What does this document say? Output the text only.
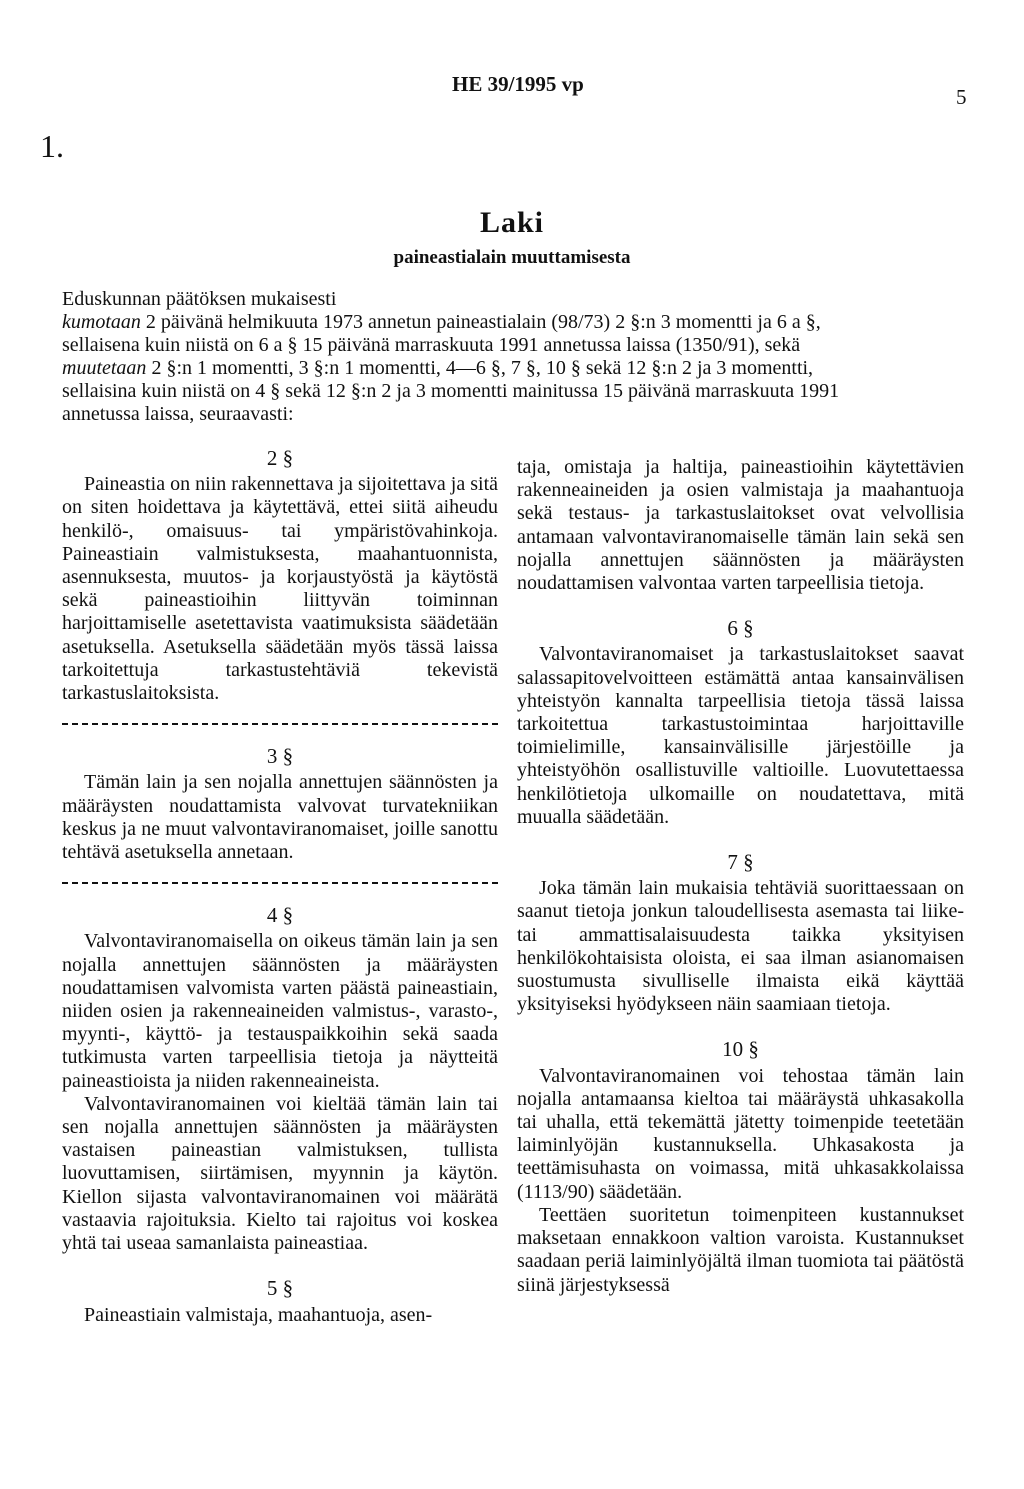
1.
HE 39/1995 vp
5
Laki
paineastialain muuttamisesta
Eduskunnan päätöksen mukaisesti
kumotaan 2 päivänä helmikuuta 1973 annetun paineastialain (98/73) 2 §:n 3 momentti ja 6 a §,
sellaisena kuin niistä on 6 a § 15 päivänä marraskuuta 1991 annetussa laissa (1350/91), sekä
muutetaan 2 §:n 1 momentti, 3 §:n 1 momentti, 4—6 §, 7 §, 10 § sekä 12 §:n 2 ja 3 momentti,
sellaisina kuin niistä on 4 § sekä 12 §:n 2 ja 3 momentti mainitussa 15 päivänä marraskuuta 1991
annetussa laissa, seuraavasti:
2 §

Paineastia on niin rakennettava ja sijoitettava ja sitä on siten hoidettava ja käytettävä, ettei siitä aiheudu henkilö-, omaisuus- tai ympäristövahinkoja. Paineastiain valmistuksesta, maahantuonnista, asennuksesta, muutos- ja korjaustyöstä ja käytöstä sekä paineastioihin liittyvän toiminnan harjoittamiselle asetettavista vaatimuksista säädetään asetuksella. Asetuksella säädetään myös tässä laissa tarkoitettuja tarkastustehtäviä tekevistä tarkastuslaitoksista.

3 §

Tämän lain ja sen nojalla annettujen säännösten ja määräysten noudattamista valvovat turvatekniikan keskus ja ne muut valvontaviranomaiset, joille sanottu tehtävä asetuksella annetaan.

4 §

Valvontaviranomaisella on oikeus tämän lain ja sen nojalla annettujen säännösten ja määräysten noudattamisen valvomista varten päästä paineastiain, niiden osien ja rakenneaineiden valmistus-, varasto-, myynti-, käyttö- ja testauspaikkoihin sekä saada tutkimusta varten tarpeellisia tietoja ja näytteitä paineastioista ja niiden rakenneaineista.

Valvontaviranomainen voi kieltää tämän lain tai sen nojalla annettujen säännösten ja määräysten vastaisen paineastian valmistuksen, tullista luovuttamisen, siirtämisen, myynnin ja käytön. Kiellon sijasta valvontaviranomainen voi määrätä vastaavia rajoituksia. Kielto tai rajoitus voi koskea yhtä tai useaa samanlaista paineastiaa.

5 §

Paineastiain valmistaja, maahantuoja, asen-

taja, omistaja ja haltija, paineastioihin käytettävien rakenneaineiden ja osien valmistaja ja maahantuoja sekä testaus- ja tarkastuslaitokset ovat velvollisia antamaan valvontaviranomaiselle tämän lain sekä sen nojalla annettujen säännösten ja määräysten noudattamisen valvontaa varten tarpeellisia tietoja.

6 §

Valvontaviranomaiset ja tarkastuslaitokset saavat salassapitovelvoitteen estämättä antaa kansainvälisen yhteistyön kannalta tarpeellisia tietoja tässä laissa tarkoitettua tarkastustoimintaa harjoittaville toimielimille, kansainvälisille järjestöille ja yhteistyöhön osallistuville valtioille. Luovutettaessa henkilötietoja ulkomaille on noudatettava, mitä muualla säädetään.

7 §

Joka tämän lain mukaisia tehtäviä suorittaessaan on saanut tietoja jonkun taloudellisesta asemasta tai liike- tai ammattisalaisuudesta taikka yksityisen henkilökohtaisista oloista, ei saa ilman asianomaisen suostumusta sivulliselle ilmaista eikä käyttää yksityiseksi hyödykseen näin saamiaan tietoja.

10 §

Valvontaviranomainen voi tehostaa tämän lain nojalla antamaansa kieltoa tai määräystä uhkasakolla tai uhalla, että tekemättä jätetty toimenpide teetetään laiminlyöjän kustannuksella. Uhkasakosta ja teettämisuhasta on voimassa, mitä uhkasakkolaissa (1113/90) säädetään.

Teettäen suoritetun toimenpiteen kustannukset maksetaan ennakkoon valtion varoista. Kustannukset saadaan periä laiminlyöjältä ilman tuomiota tai päätöstä siinä järjestyksessä
